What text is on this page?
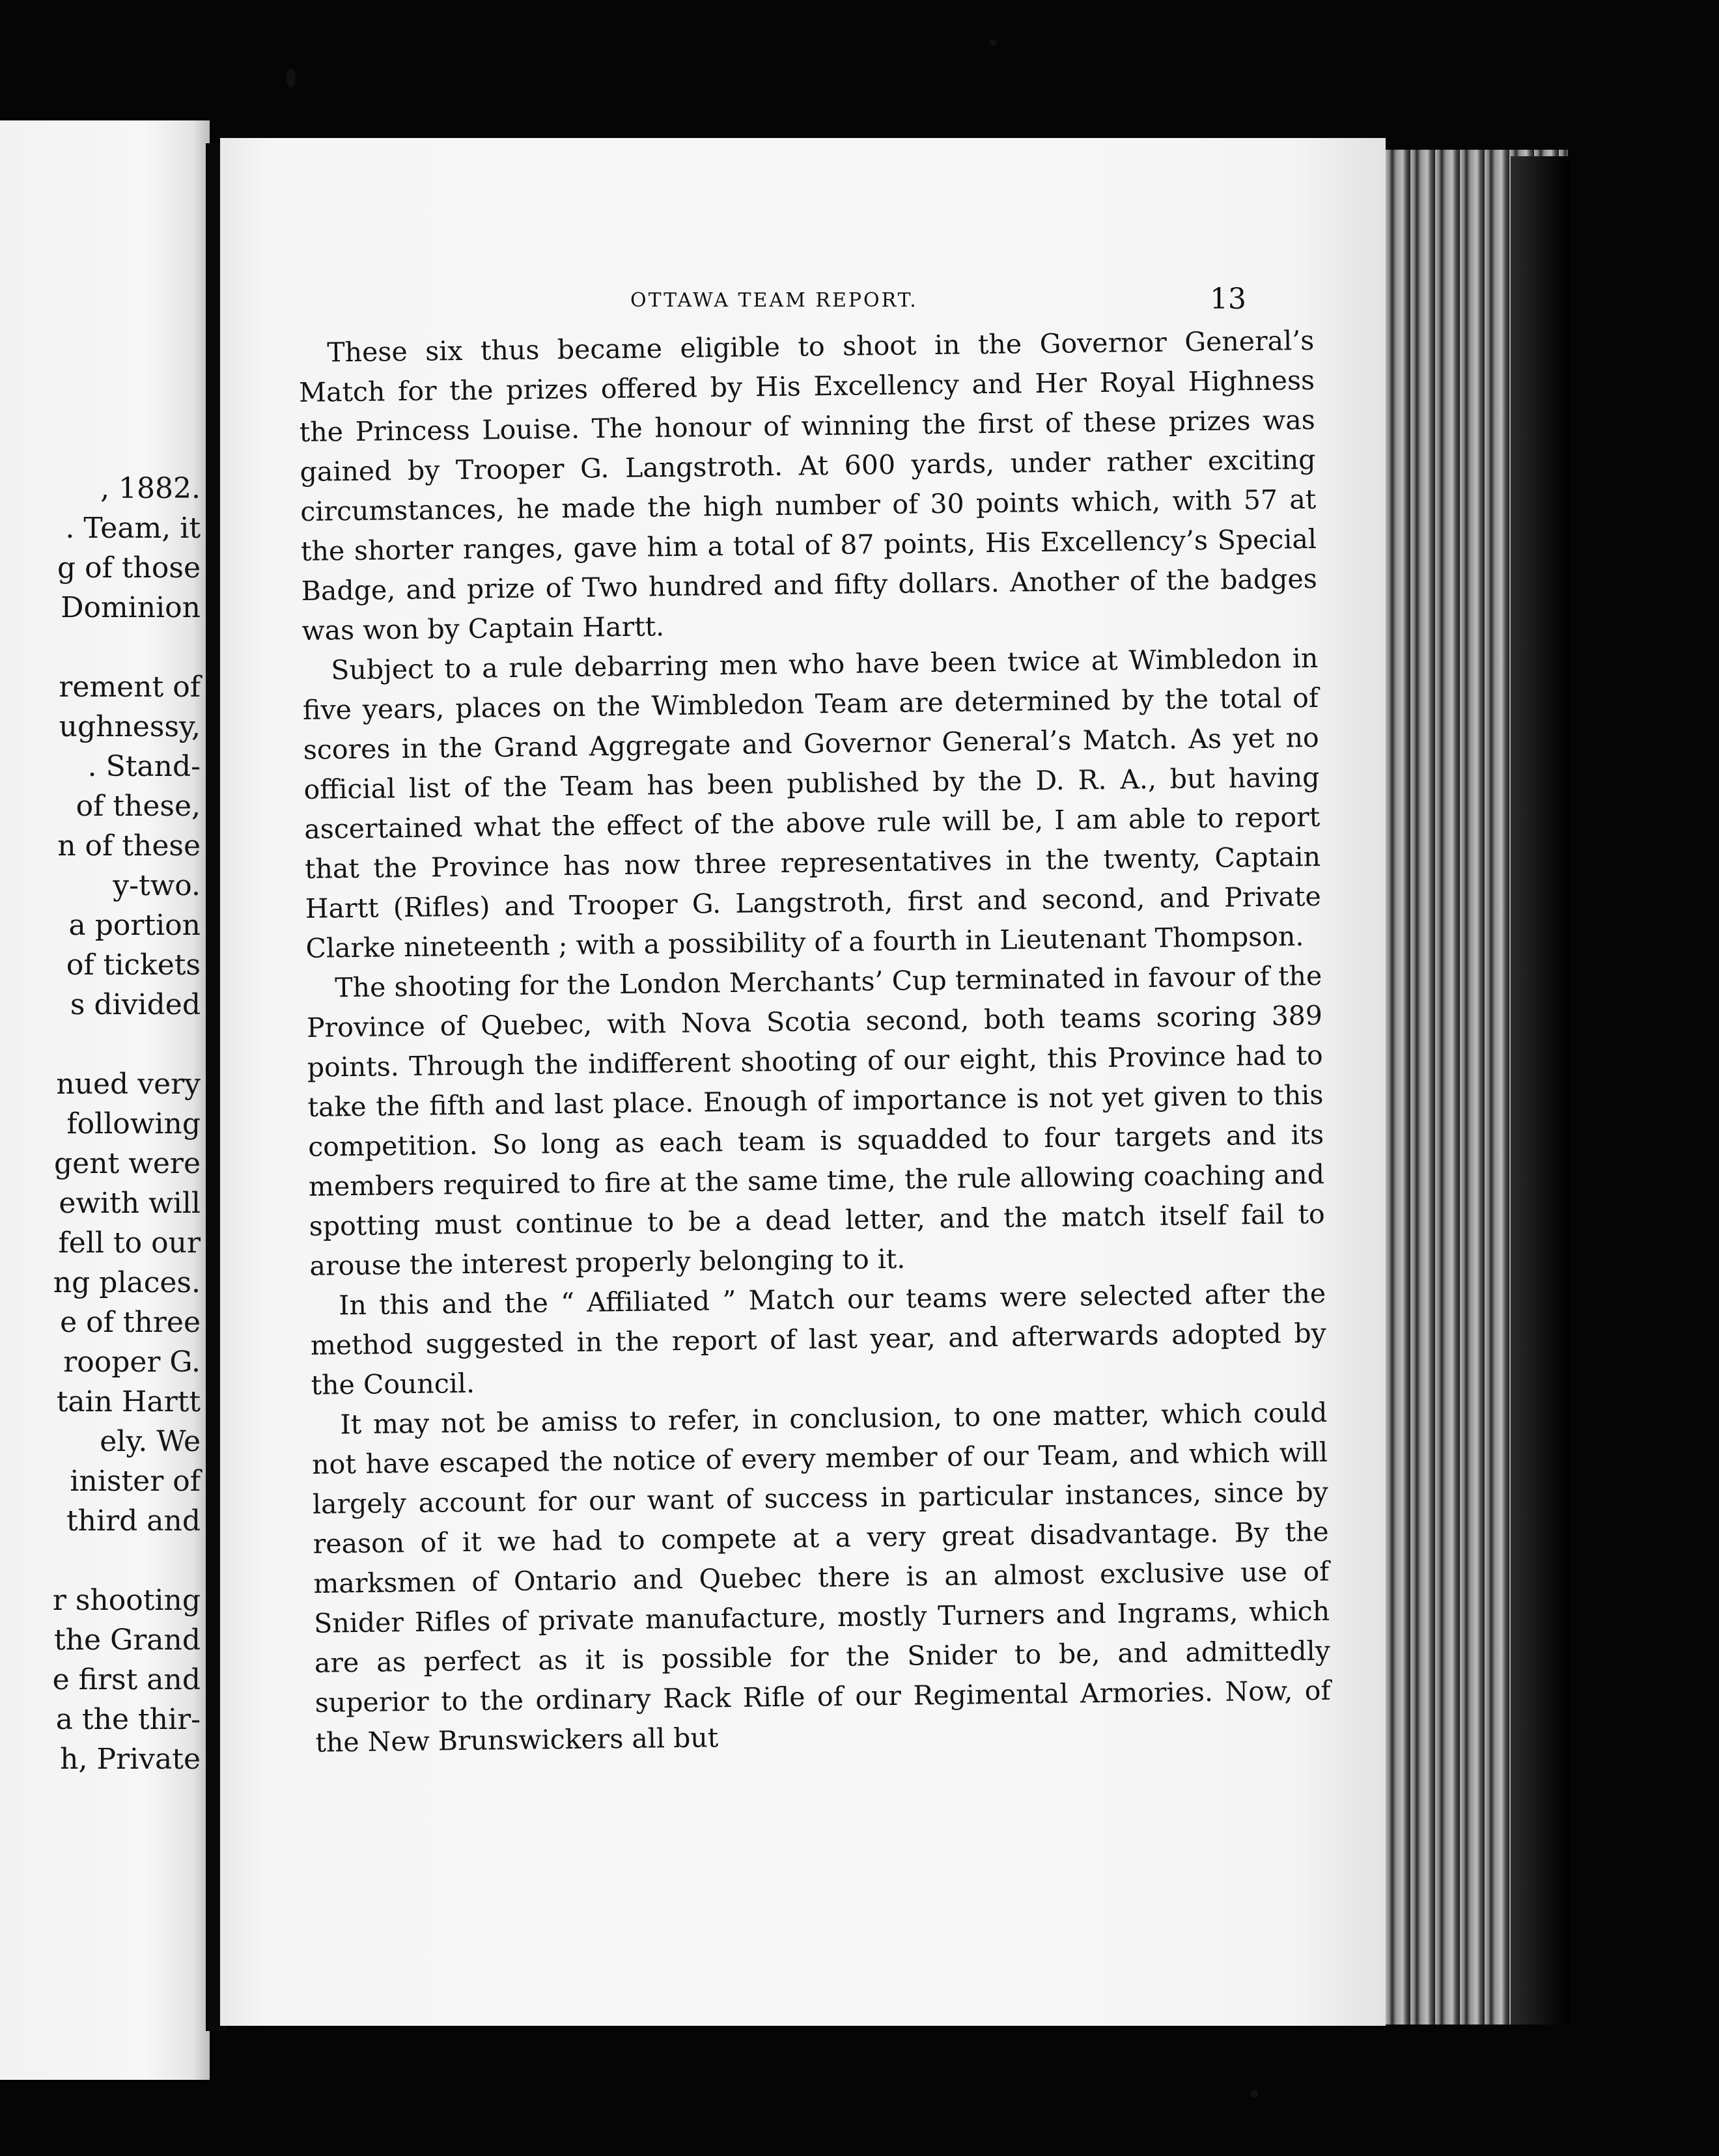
, 1882.
. Team, it
g of those
Dominion
rement of
ughnessy,
. Stand-
of these,
n of these
y-two.
a portion
of tickets
s divided
nued very
following
gent were
ewith will
fell to our
ng places.
e of three
rooper G.
tain Hartt
ely. We
inister of
third and
r shooting
the Grand
e first and
a the thir-
h, Private
OTTAWA TEAM REPORT.	13

These six thus became eligible to shoot in the Governor General’s Match for the prizes offered by His Excellency and Her Royal Highness the Princess Louise. The honour of winning the first of these prizes was gained by Trooper G. Langstroth. At 600 yards, under rather exciting circumstances, he made the high number of 30 points which, with 57 at the shorter ranges, gave him a total of 87 points, His Excellency’s Special Badge, and prize of Two hundred and fifty dollars. Another of the badges was won by Captain Hartt.

Subject to a rule debarring men who have been twice at Wimbledon in five years, places on the Wimbledon Team are determined by the total of scores in the Grand Aggregate and Governor General’s Match. As yet no official list of the Team has been published by the D. R. A., but having ascertained what the effect of the above rule will be, I am able to report that the Province has now three representatives in the twenty, Captain Hartt (Rifles) and Trooper G. Langstroth, first and second, and Private Clarke nineteenth ; with a possibility of a fourth in Lieutenant Thompson.

The shooting for the London Merchants’ Cup terminated in favour of the Province of Quebec, with Nova Scotia second, both teams scoring 389 points. Through the indifferent shooting of our eight, this Province had to take the fifth and last place. Enough of importance is not yet given to this competition. So long as each team is squadded to four targets and its members required to fire at the same time, the rule allowing coaching and spotting must continue to be a dead letter, and the match itself fail to arouse the interest properly belonging to it.

In this and the “ Affiliated ” Match our teams were selected after the method suggested in the report of last year, and afterwards adopted by the Council.

It may not be amiss to refer, in conclusion, to one matter, which could not have escaped the notice of every member of our Team, and which will largely account for our want of success in particular instances, since by reason of it we had to compete at a very great disadvantage. By the marksmen of Ontario and Quebec there is an almost exclusive use of Snider Rifles of private manufacture, mostly Turners and Ingrams, which are as perfect as it is possible for the Snider to be, and admittedly superior to the ordinary Rack Rifle of our Regimental Armories. Now, of the New Brunswickers all but
